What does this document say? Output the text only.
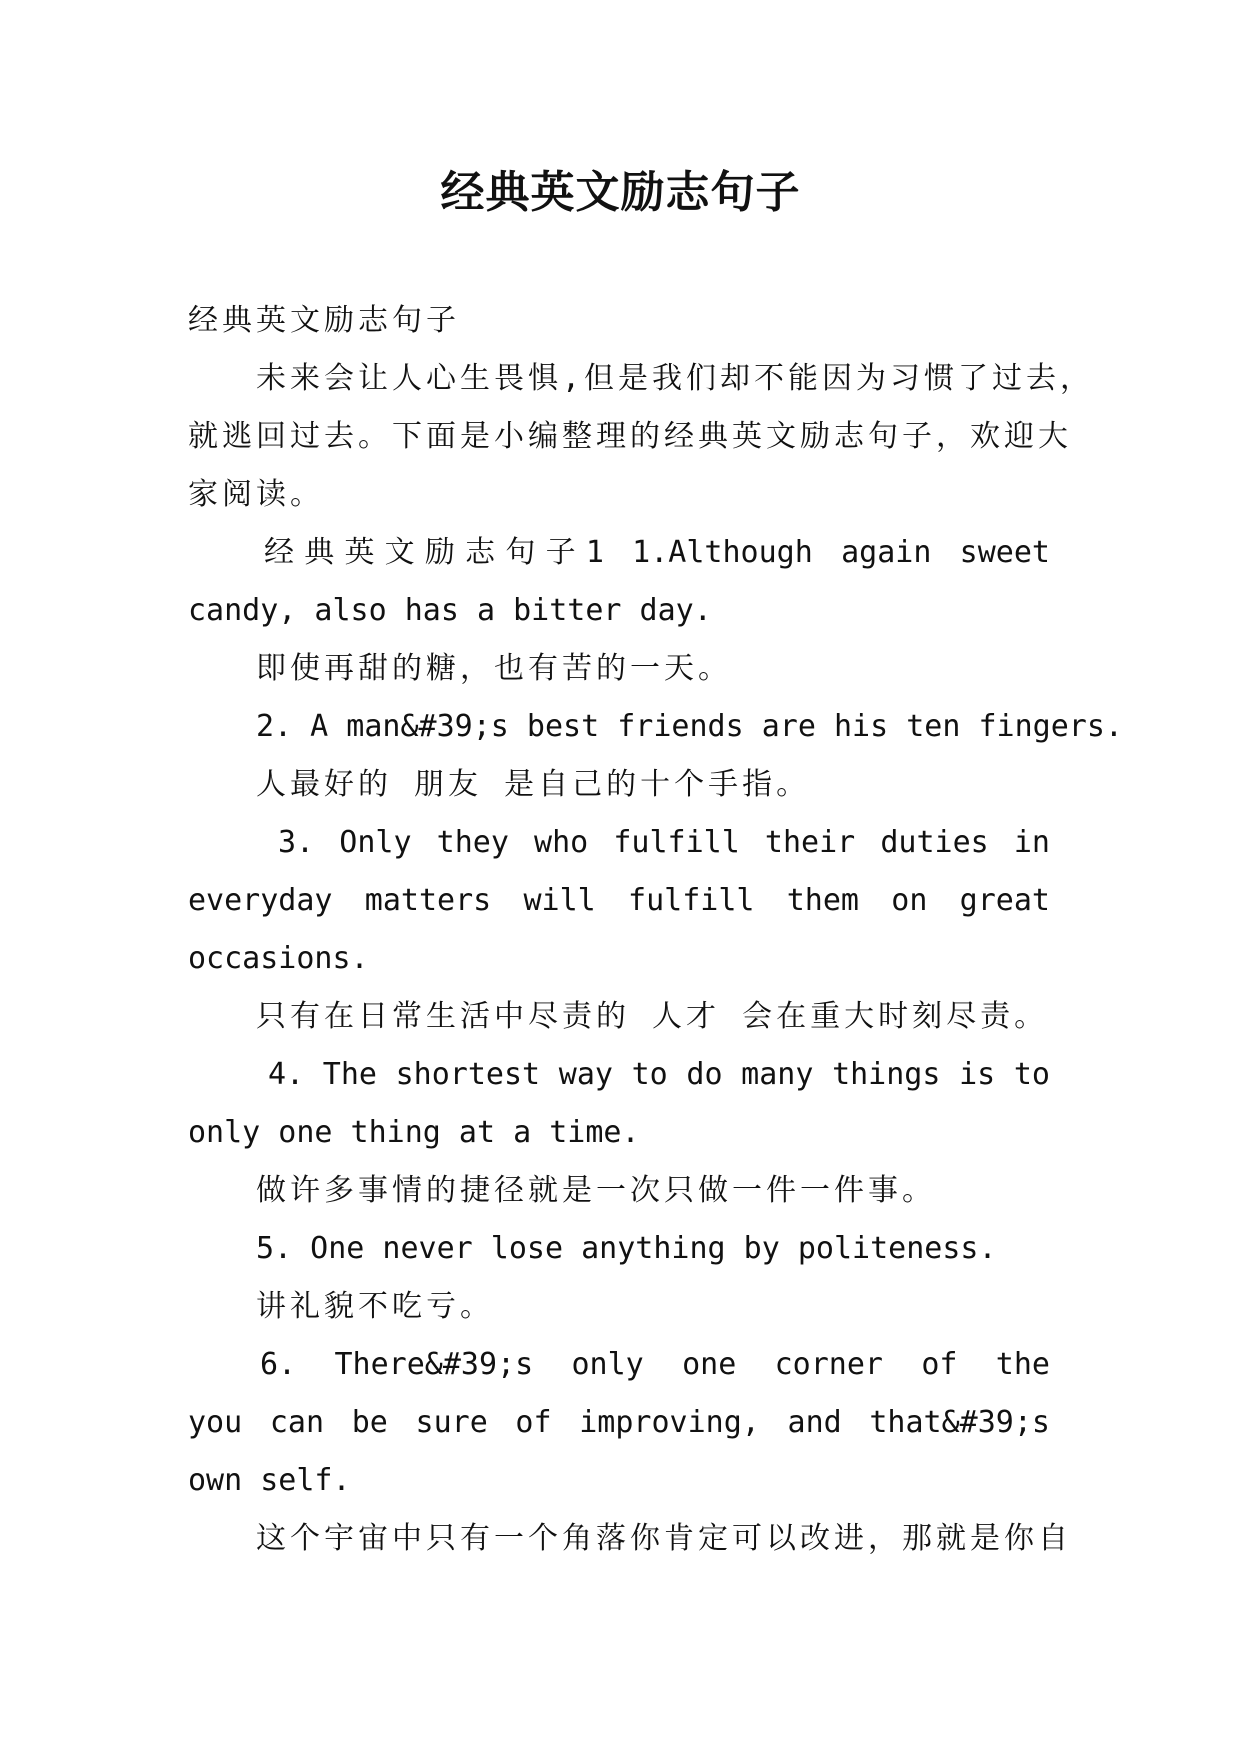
经典英文励志句子
经典英文励志句子
未来会让人心生畏惧,但是我们却不能因为习惯了过去，
就逃回过去。下面是小编整理的经典英文励志句子，欢迎大
家阅读。
经典英文励志句子1 1.Although again sweet
candy, also has a bitter day.
即使再甜的糖，也有苦的一天。
2. A man&#39;s best friends are his ten fingers.
人最好的 朋友 是自己的十个手指。
3. Only they who fulfill their duties in
everyday matters will fulfill them on great
occasions.
只有在日常生活中尽责的 人才 会在重大时刻尽责。
4. The shortest way to do many things is to
only one thing at a time.
做许多事情的捷径就是一次只做一件一件事。
5. One never lose anything by politeness.
讲礼貌不吃亏。
6. There&#39;s only one corner of the
you can be sure of improving, and that&#39;s
own self.
这个宇宙中只有一个角落你肯定可以改进，那就是你自
